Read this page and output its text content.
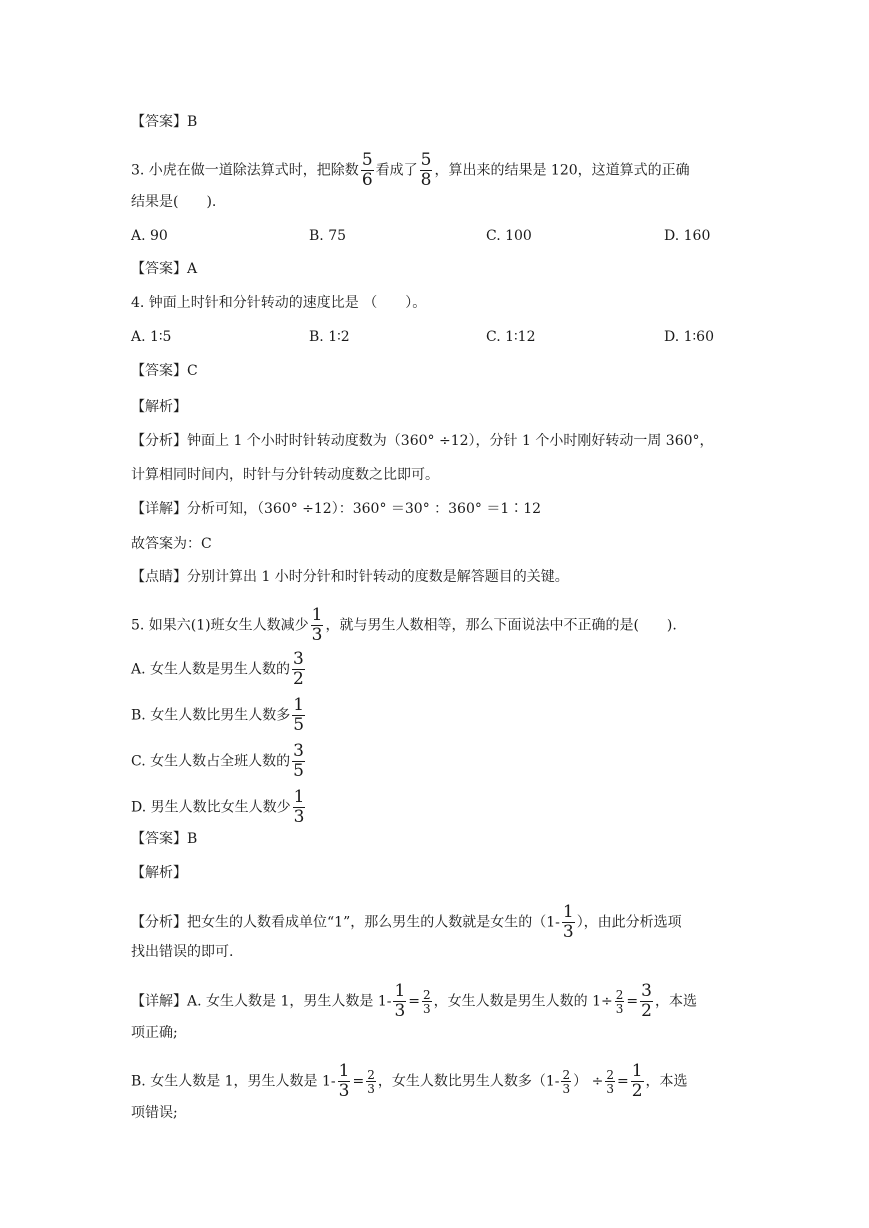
【答案】B
3. 小虎在做一道除法算式时，把除数 $\frac{5}{6}$ 看成了 $\frac{5}{8}$ ，算出来的结果是 120，这道算式的正确
结果是(　　).
A. 90	B. 75	C. 100	D. 160
【答案】A
4. 钟面上时针和分针转动的速度比是 （　　）。
A. 1∶5	B. 1∶2	C. 1∶12	D. 1∶60
【答案】C
【解析】
【分析】钟面上 1 个小时时针转动度数为（360° ÷12），分针 1 个小时刚好转动一周 360°，
计算相同时间内，时针与分针转动度数之比即可。
【详解】分析可知，（360° ÷12）：360° ＝30° ：360° ＝1∶12
故答案为：C
【点睛】分别计算出 1 小时分针和时针转动的度数是解答题目的关键。
5. 如果六(1)班女生人数减少 $\frac{1}{3}$ ，就与男生人数相等，那么下面说法中不正确的是(　　).
A. 女生人数是男生人数的 $\frac{3}{2}$
B. 女生人数比男生人数多 $\frac{1}{5}$
C. 女生人数占全班人数的 $\frac{3}{5}$
D. 男生人数比女生人数少 $\frac{1}{3}$
【答案】B
【解析】
【分析】把女生的人数看成单位“1”，那么男生的人数就是女生的（$1- \frac{1}{3}$ ），由此分析选项
找出错误的即可.
【详解】A. 女生人数是 1，男生人数是 $1- \frac{1}{3} = \frac{2}{3}$ ，女生人数是男生人数的 $1\div \frac{2}{3} = \frac{3}{2}$ ，本选
项正确;
B. 女生人数是 1，男生人数是 $1- \frac{1}{3} = \frac{2}{3}$ ，女生人数比男生人数多（$1- \frac{2}{3}$ ） ÷ $\frac{2}{3} = \frac{1}{2}$ ，本选
项错误;
